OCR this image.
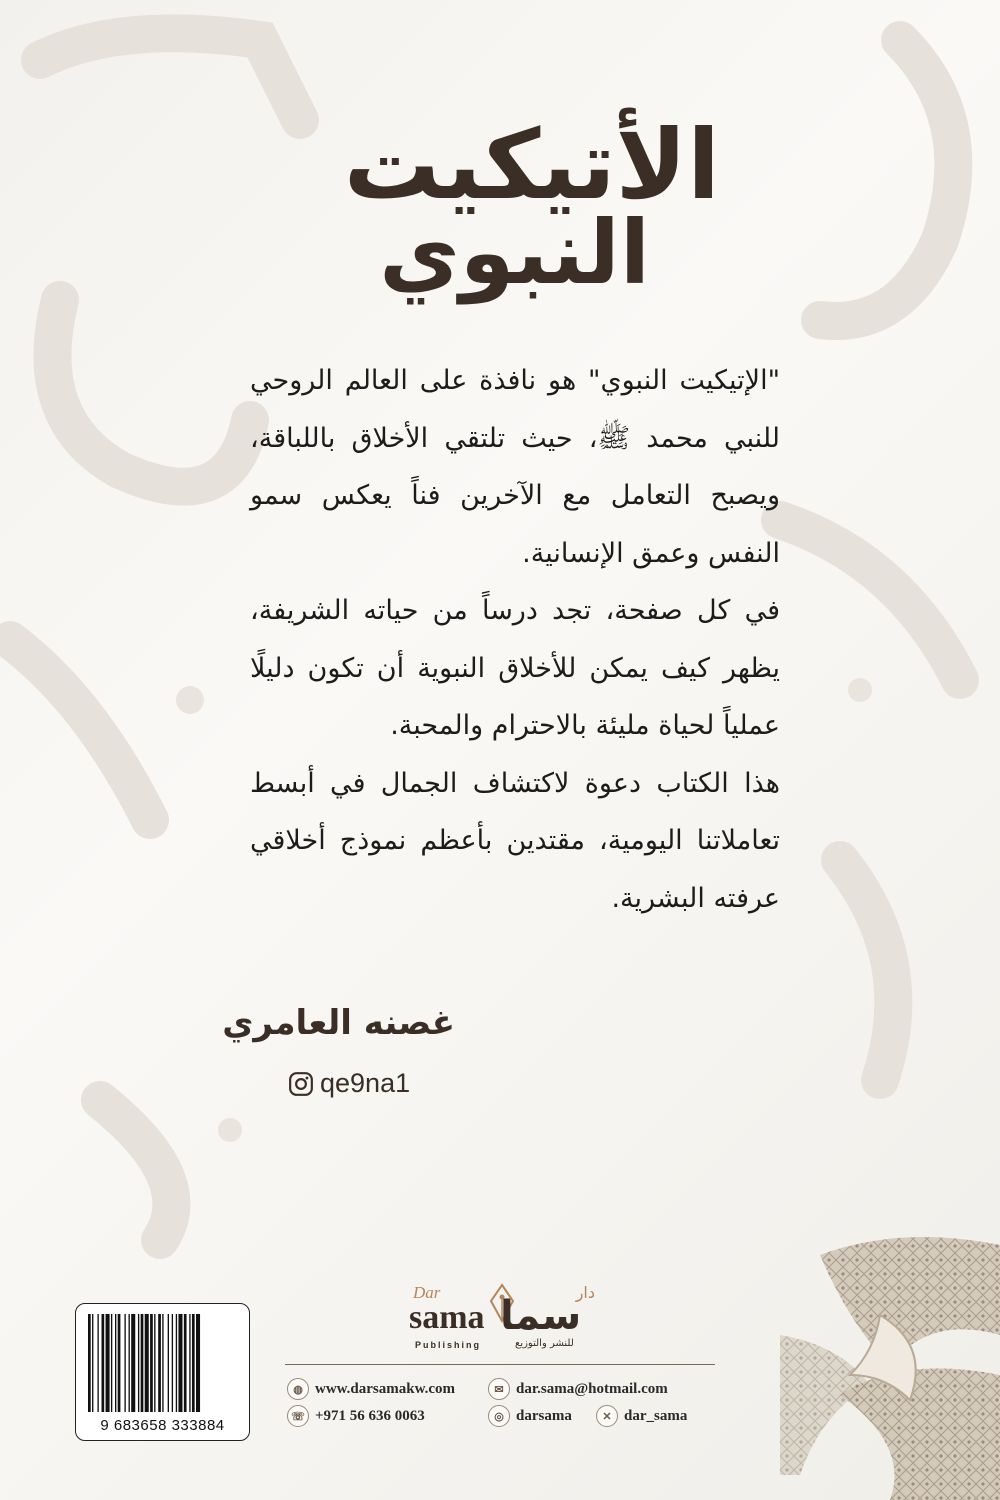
الأتيكيت
النبوي

"الإتيكيت النبوي" هو نافذة على العالم الروحي للنبي محمد ﷺ، حيث تلتقي الأخلاق باللباقة، ويصبح التعامل مع الآخرين فناً يعكس سمو النفس وعمق الإنسانية.

في كل صفحة، تجد درساً من حياته الشريفة، يظهر كيف يمكن للأخلاق النبوية أن تكون دليلًا عملياً لحياة مليئة بالاحترام والمحبة.

هذا الكتاب دعوة لاكتشاف الجمال في أبسط تعاملاتنا اليومية، مقتدين بأعظم نموذج أخلاقي عرفته البشرية.

غصنه العامري
qe9na1
9 683658 333884
Dar	دار
sama سما
Publishing	للنشر والتوزيع
◍ www.darsamakw.com	✉ dar.sama@hotmail.com
☏ +971 56 636 0063	◎ darsama	✕ dar_sama
